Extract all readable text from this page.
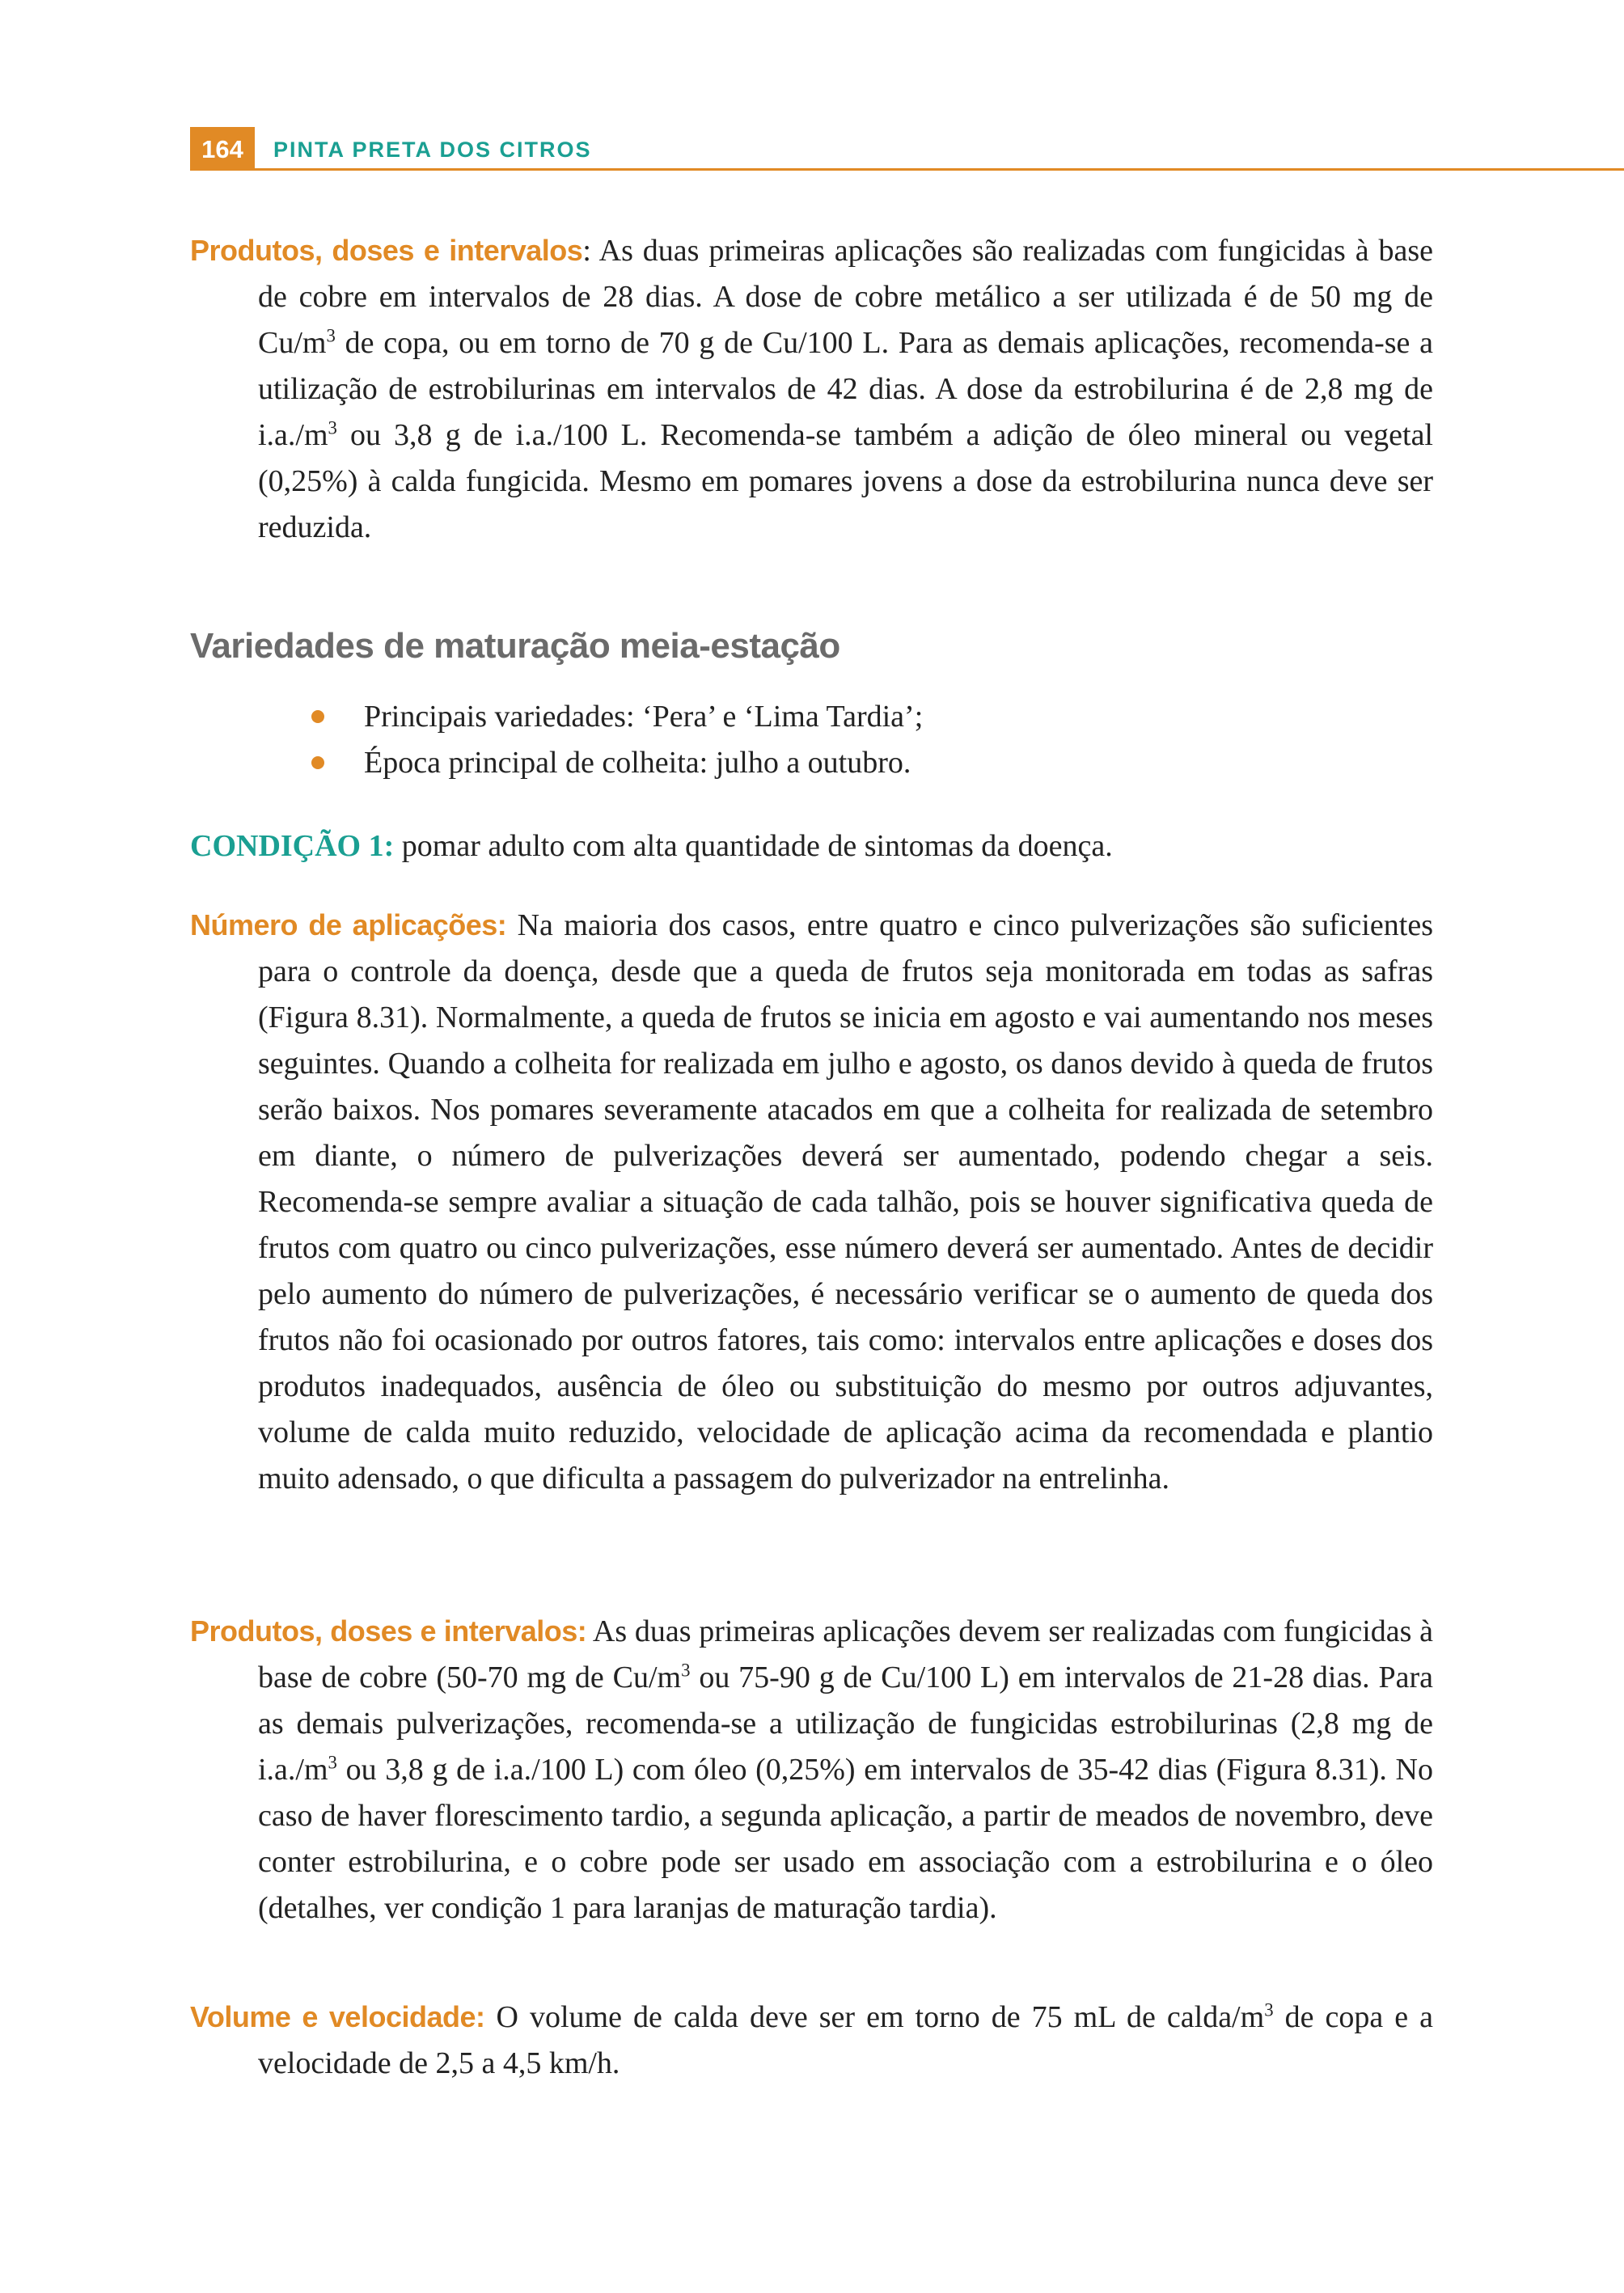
164	PINTA PRETA DOS CITROS

Produtos, doses e intervalos: As duas primeiras aplicações são realizadas com fungicidas à base de cobre em intervalos de 28 dias. A dose de cobre metálico a ser utilizada é de 50 mg de $Cu/m^3$ de copa, ou em torno de 70 g de Cu/100 L. Para as demais aplicações, recomenda-se a utilização de estrobilurinas em intervalos de 42 dias. A dose da estrobilurina é de 2,8 mg de $i.a./m^3$ ou 3,8 g de i.a./100 L. Recomenda-se também a adição de óleo mineral ou vegetal (0,25%) à calda fungicida. Mesmo em pomares jovens a dose da estrobilurina nunca deve ser reduzida.

Variedades de maturação meia-estação
Principais variedades: ‘Pera’ e ‘Lima Tardia’;
Época principal de colheita: julho a outubro.

CONDIÇÃO 1: pomar adulto com alta quantidade de sintomas da doença.

Número de aplicações: Na maioria dos casos, entre quatro e cinco pulverizações são suficientes para o controle da doença, desde que a queda de frutos seja monitorada em todas as safras (Figura 8.31). Normalmente, a queda de frutos se inicia em agosto e vai aumentando nos meses seguintes. Quando a colheita for realizada em julho e agosto, os danos devido à queda de frutos serão baixos. Nos pomares severamente atacados em que a colheita for realizada de setembro em diante, o número de pulverizações deverá ser aumentado, podendo chegar a seis. Recomenda-se sempre avaliar a situação de cada talhão, pois se houver significativa queda de frutos com quatro ou cinco pulverizações, esse número deverá ser aumentado. Antes de decidir pelo aumento do número de pulverizações, é necessário verificar se o aumento de queda dos frutos não foi ocasionado por outros fatores, tais como: intervalos entre aplicações e doses dos produtos inadequados, ausência de óleo ou substituição do mesmo por outros adjuvantes, volume de calda muito reduzido, velocidade de aplicação acima da recomendada e plantio muito adensado, o que dificulta a passagem do pulverizador na entrelinha.

Produtos, doses e intervalos: As duas primeiras aplicações devem ser realizadas com fungicidas à base de cobre (50-70 mg de $Cu/m^3$ ou 75-90 g de Cu/100 L) em intervalos de 21-28 dias. Para as demais pulverizações, recomenda-se a utilização de fungicidas estrobilurinas (2,8 mg de $i.a./m^3$ ou 3,8 g de i.a./100 L) com óleo (0,25%) em intervalos de 35-42 dias (Figura 8.31). No caso de haver florescimento tardio, a segunda aplicação, a partir de meados de novembro, deve conter estrobilurina, e o cobre pode ser usado em associação com a estrobilurina e o óleo (detalhes, ver condição 1 para laranjas de maturação tardia).

Volume e velocidade: O volume de calda deve ser em torno de 75 mL de calda/$m^3$ de copa e a velocidade de 2,5 a 4,5 km/h.
